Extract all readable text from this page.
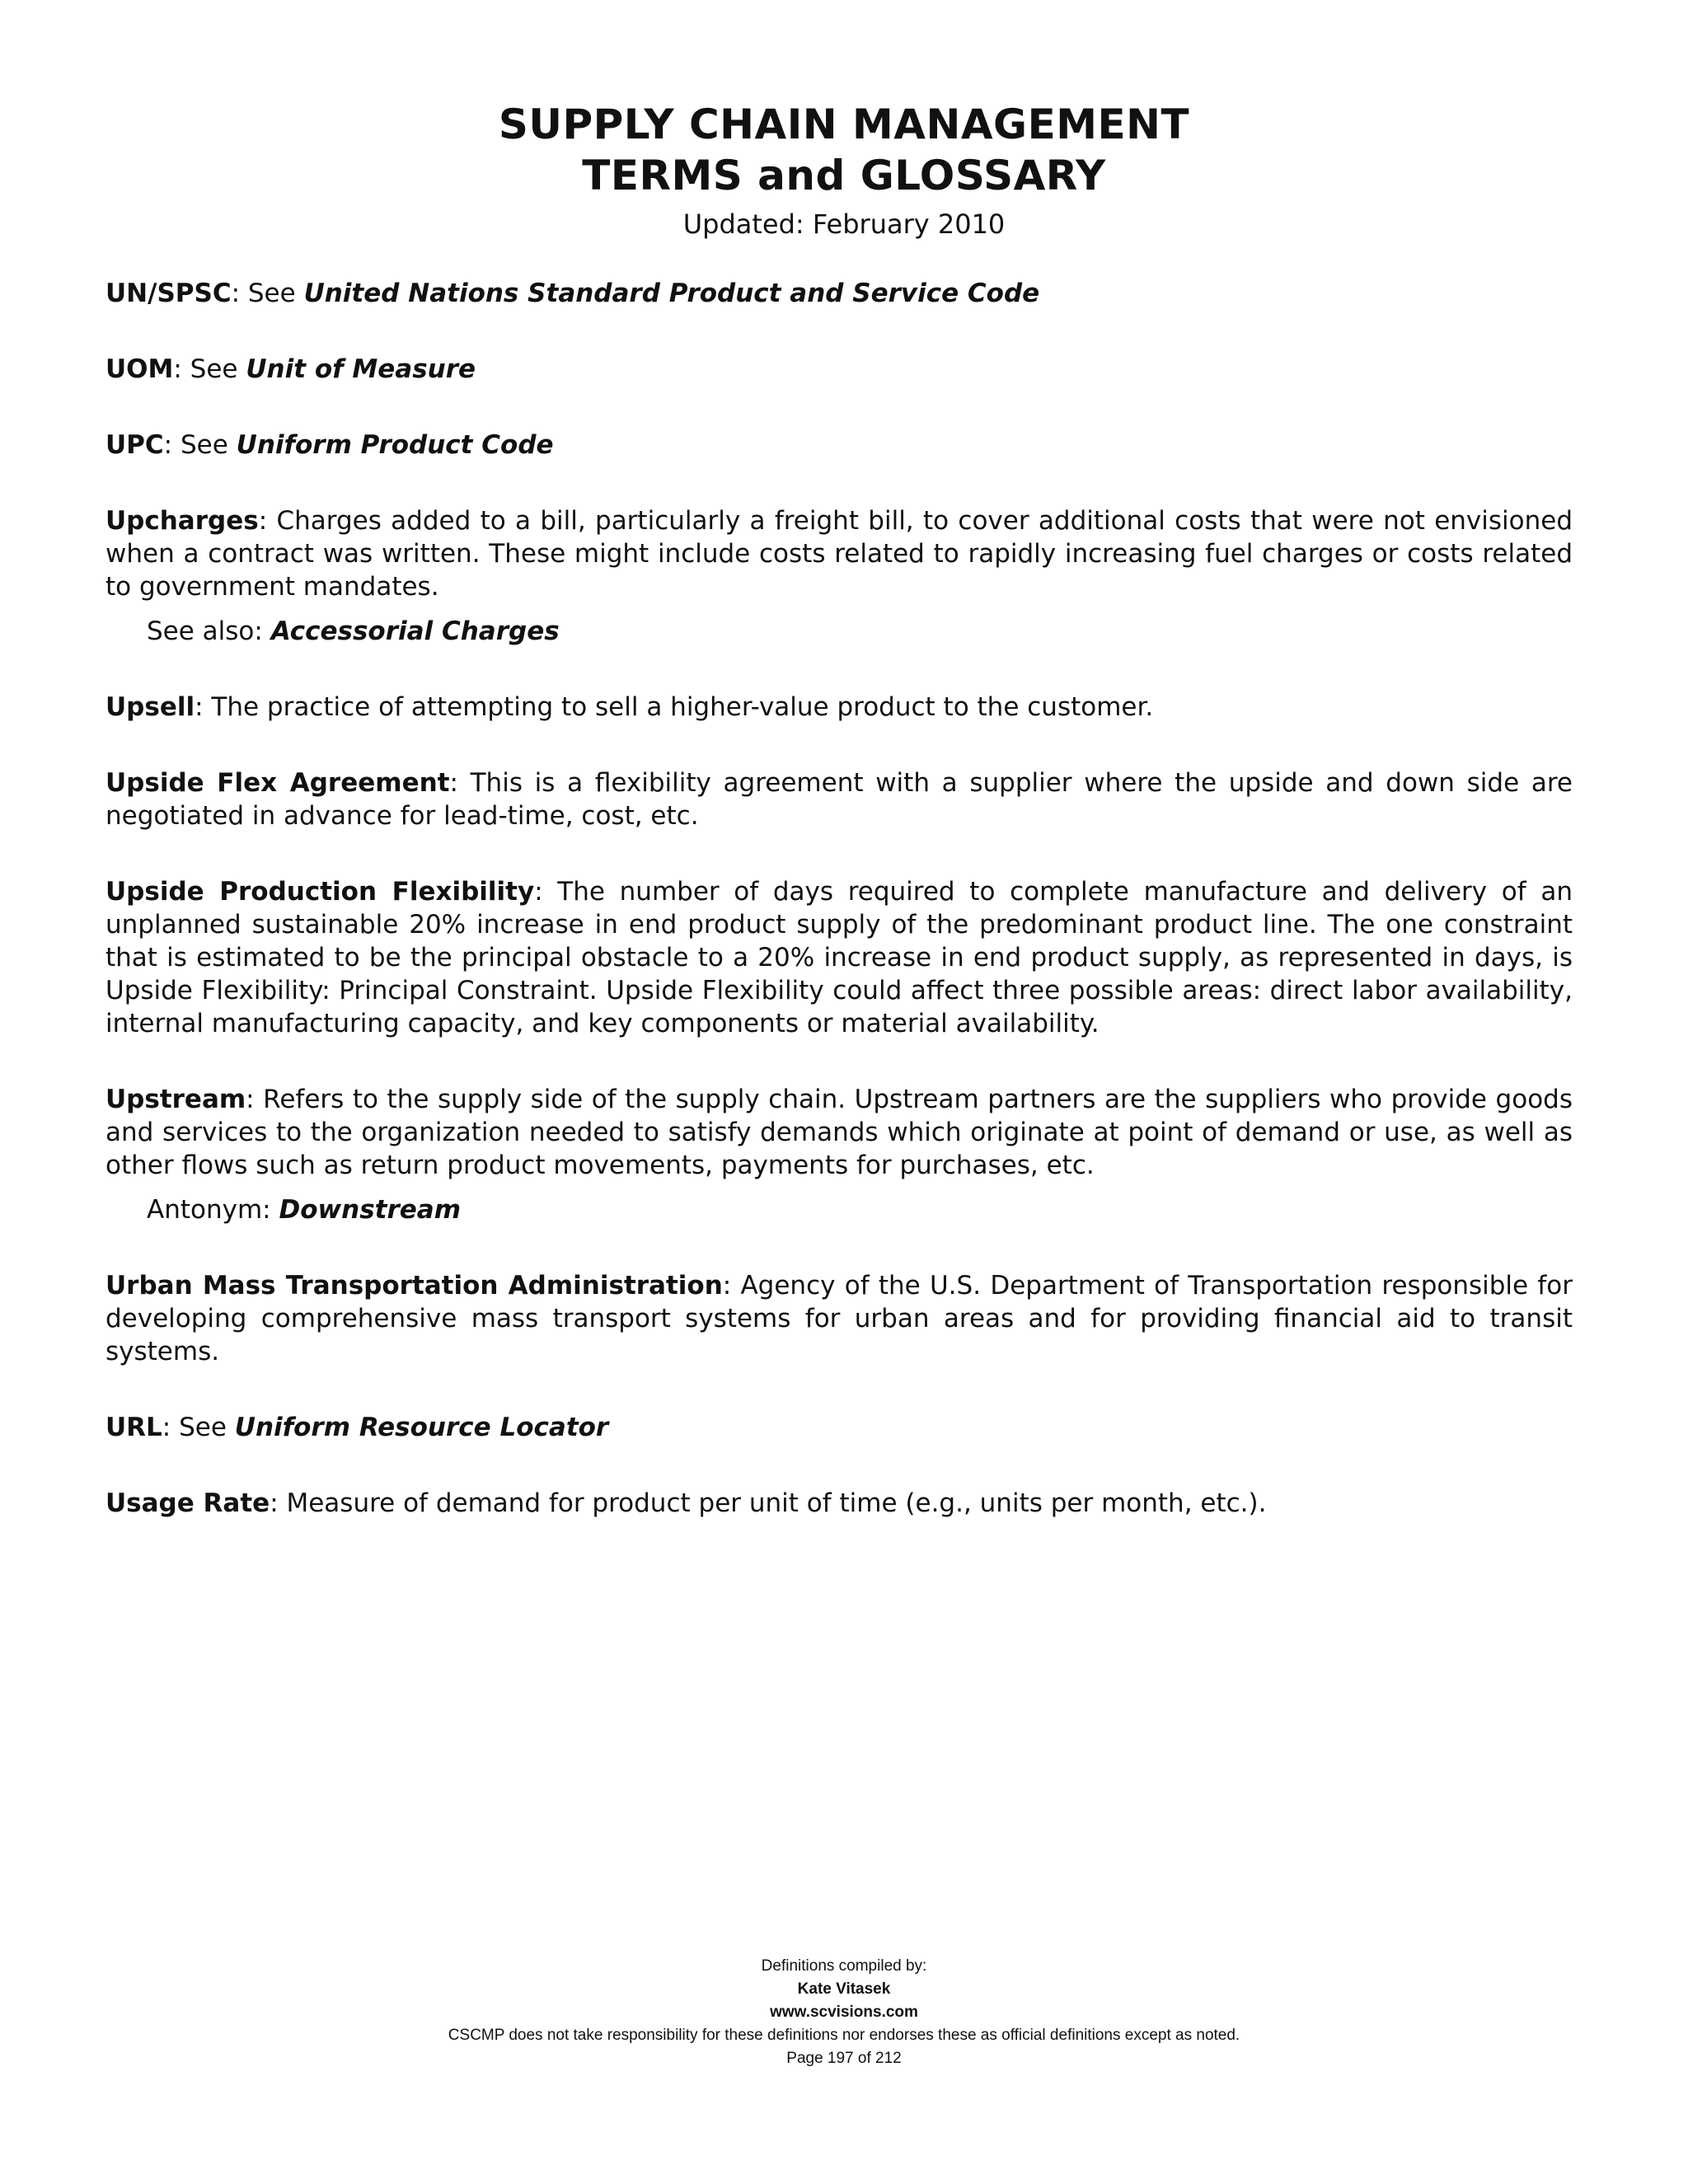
SUPPLY CHAIN MANAGEMENT
TERMS and GLOSSARY
Updated: February 2010
UN/SPSC: See United Nations Standard Product and Service Code
UOM: See Unit of Measure
UPC: See Uniform Product Code
Upcharges: Charges added to a bill, particularly a freight bill, to cover additional costs that were not envisioned when a contract was written. These might include costs related to rapidly increasing fuel charges or costs related to government mandates.
See also: Accessorial Charges
Upsell: The practice of attempting to sell a higher-value product to the customer.
Upside Flex Agreement: This is a flexibility agreement with a supplier where the upside and down side are negotiated in advance for lead-time, cost, etc.
Upside Production Flexibility: The number of days required to complete manufacture and delivery of an unplanned sustainable 20% increase in end product supply of the predominant product line. The one constraint that is estimated to be the principal obstacle to a 20% increase in end product supply, as represented in days, is Upside Flexibility: Principal Constraint. Upside Flexibility could affect three possible areas: direct labor availability, internal manufacturing capacity, and key components or material availability.
Upstream: Refers to the supply side of the supply chain. Upstream partners are the suppliers who provide goods and services to the organization needed to satisfy demands which originate at point of demand or use, as well as other flows such as return product movements, payments for purchases, etc.
Antonym: Downstream
Urban Mass Transportation Administration: Agency of the U.S. Department of Transportation responsible for developing comprehensive mass transport systems for urban areas and for providing financial aid to transit systems.
URL: See Uniform Resource Locator
Usage Rate: Measure of demand for product per unit of time (e.g., units per month, etc.).
Definitions compiled by:
Kate Vitasek
www.scvisions.com
CSCMP does not take responsibility for these definitions nor endorses these as official definitions except as noted.
Page 197 of 212
